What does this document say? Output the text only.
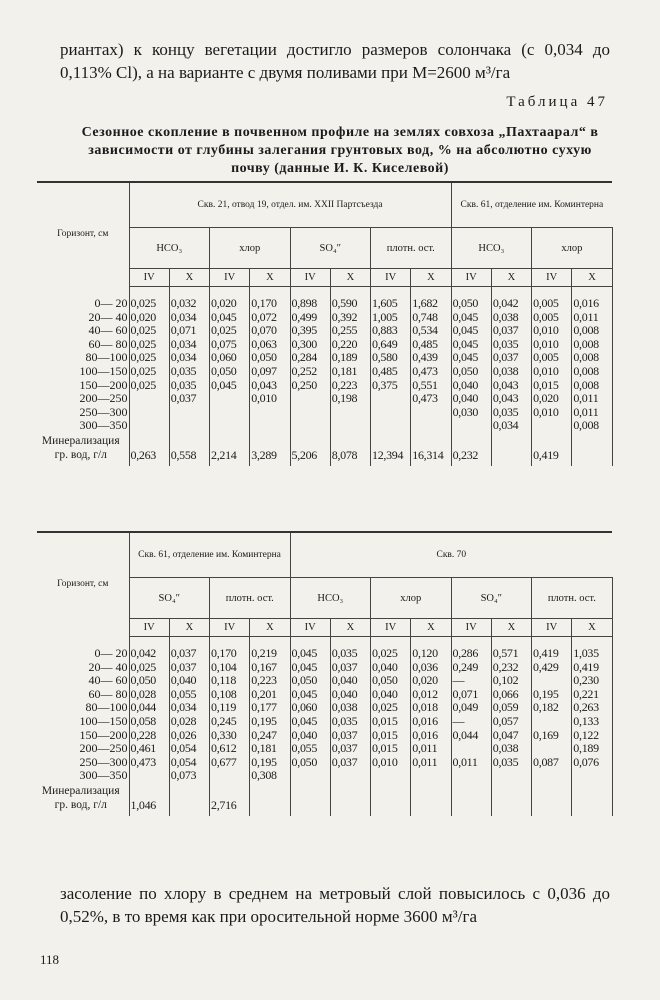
риантах) к концу вегетации достигло размеров солончака (с 0,034 до 0,113% Cl), а на варианте с двумя поливами при M=2600 м³/га
Таблица 47
Сезонное скопление в почвенном профиле на землях совхоза „Пахтаарал“ в зависимости от глубины залегания грунтовых вод, % на абсолютно сухую почву (данные И. К. Киселевой)
Горизонт, см	Скв. 21, отвод 19, отдел. им. XXII Партсъезда								Скв. 61, отделение им. Коминтерна			
	HCO₃		хлор		SO₄″		плотн. ост.		HCO₃		хлор	
	IV	X	IV	X	IV	X	IV	X	IV	X	IV	X
0— 20	0,025	0,032	0,020	0,170	0,898	0,590	1,605	1,682	0,050	0,042	0,005	0,016
20— 40	0,020	0,034	0,045	0,072	0,499	0,392	1,005	0,748	0,045	0,038	0,005	0,011
40— 60	0,025	0,071	0,025	0,070	0,395	0,255	0,883	0,534	0,045	0,037	0,010	0,008
60— 80	0,025	0,034	0,075	0,063	0,300	0,220	0,649	0,485	0,045	0,035	0,010	0,008
80—100	0,025	0,034	0,060	0,050	0,284	0,189	0,580	0,439	0,045	0,037	0,005	0,008
100—150	0,025	0,035	0,050	0,097	0,252	0,181	0,485	0,473	0,050	0,038	0,010	0,008
150—200	0,025	0,035	0,045	0,043	0,250	0,223	0,375	0,551	0,040	0,043	0,015	0,008
200—250		0,037		0,010		0,198		0,473	0,040	0,043	0,020	0,011
250—300									0,030	0,035	0,010	0,011
300—350										0,034		0,008
Минерализация гр. вод, г/л	0,263	0,558	2,214	3,289	5,206	8,078	12,394	16,314	0,232		0,419	
Горизонт, см	Скв. 61, отделение им. Коминтерна				Скв. 70							
	SO₄″		плотн. ост.		HCO₃		хлор		SO₄″		плотн. ост.	
	IV	X	IV	X	IV	X	IV	X	IV	X	IV	X
0— 20	0,042	0,037	0,170	0,219	0,045	0,035	0,025	0,120	0,286	0,571	0,419	1,035
20— 40	0,025	0,037	0,104	0,167	0,045	0,037	0,040	0,036	0,249	0,232	0,429	0,419
40— 60	0,050	0,040	0,118	0,223	0,050	0,040	0,050	0,020	—	0,102		0,230
60— 80	0,028	0,055	0,108	0,201	0,045	0,040	0,040	0,012	0,071	0,066	0,195	0,221
80—100	0,044	0,034	0,119	0,177	0,060	0,038	0,025	0,018	0,049	0,059	0,182	0,263
100—150	0,058	0,028	0,245	0,195	0,045	0,035	0,015	0,016	—	0,057		0,133
150—200	0,228	0,026	0,330	0,247	0,040	0,037	0,015	0,016	0,044	0,047	0,169	0,122
200—250	0,461	0,054	0,612	0,181	0,055	0,037	0,015	0,011		0,038		0,189
250—300	0,473	0,054	0,677	0,195	0,050	0,037	0,010	0,011	0,011	0,035	0,087	0,076
300—350		0,073		0,308								
Минерализация гр. вод, г/л	1,046		2,716									
засоление по хлору в среднем на метровый слой повысилось с 0,036 до 0,52%, в то время как при оросительной норме 3600 м³/га
118
